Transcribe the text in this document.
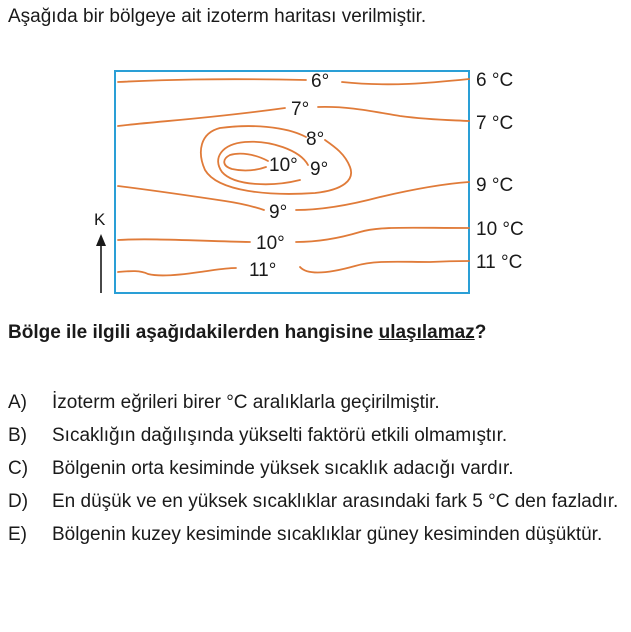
Aşağıda bir bölgeye ait izoterm haritası verilmiştir.

6°
7°
8°
10° 9°
9°
10°
11°
6 °C
7 °C
9 °C
10 °C
11 °C
K

Bölge ile ilgili aşağıdakilerden hangisine ulaşılamaz?

A)	İzoterm eğrileri birer °C aralıklarla geçirilmiştir.
B)	Sıcaklığın dağılışında yükselti faktörü etkili olmamıştır.
C)	Bölgenin orta kesiminde yüksek sıcaklık adacığı vardır.
D)	En düşük ve en yüksek sıcaklıklar arasındaki fark 5 °C den fazladır.
E)	Bölgenin kuzey kesiminde sıcaklıklar güney kesiminden düşüktür.
